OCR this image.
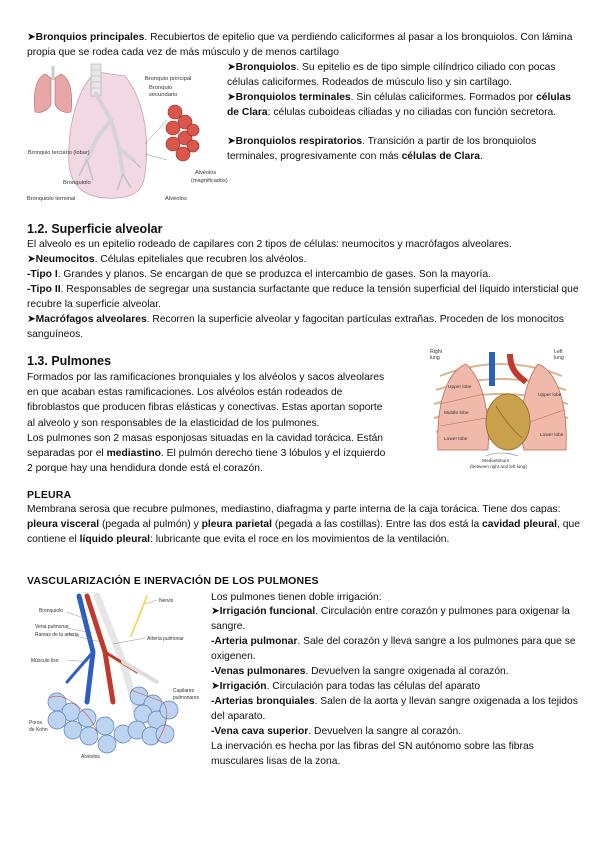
➤Bronquios principales. Recubiertos de epitelio que va perdiendo caliciformes al pasar a los bronquiolos. Con lámina propia que se rodea cada vez de más músculo y de menos cartílago

Bronquio principal
Bronquio
secundario
Bronquio terciario (lobar)
Bronquiolo
Bronquiolo terminal
Alvéolos
(magnificados)
Alvéolos

➤Bronquiolos. Su epitelio es de tipo simple cilíndrico ciliado con pocas células caliciformes. Rodeados de músculo liso y sin cartílago.

➤Bronquiolos terminales. Sin células caliciformes. Formados por células de Clara: células cuboideas ciliadas y no ciliadas con función secretora.

➤Bronquiolos respiratorios. Transición a partir de los bronquiolos terminales, progresivamente con más células de Clara.

1.2. Superficie alveolar

El alveolo es un epitelio rodeado de capilares con 2 tipos de células: neumocitos y macrófagos alveolares.

➤Neumocitos. Células epiteliales que recubren los alvéolos.

-Tipo I. Grandes y planos. Se encargan de que se produzca el intercambio de gases. Son la mayoría.

-Tipo II. Responsables de segregar una sustancia surfactante que reduce la tensión superficial del líquido intersticial que recubre la superficie alveolar.

➤Macrófagos alveolares. Recorren la superficie alveolar y fagocitan partículas extrañas. Proceden de los monocitos sanguíneos.

1.3. Pulmones

Formados por las ramificaciones bronquiales y los alvéolos y sacos alveolares en que acaban estas ramificaciones. Los alvéolos están rodeados de fibroblastos que producen fibras elásticas y conectivas. Estas aportan soporte al alveolo y son responsables de la elasticidad de los pulmones.

Los pulmones son 2 masas esponjosas situadas en la cavidad torácica. Están separadas por el mediastino. El pulmón derecho tiene 3 lóbulos y el izquierdo 2 porque hay una hendidura donde está el corazón.

Right
lung
Left
lung
Upper lobe
Middle lobe
Lower lobe
Upper lobe
Lower lobe
Mediastinum
(between right and left lung)
PLEURA

Membrana serosa que recubre pulmones, mediastino, diafragma y parte interna de la caja torácica. Tiene dos capas: pleura visceral (pegada al pulmón) y pleura parietal (pegada a las costillas). Entre las dos está la cavidad pleural, que contiene el líquido pleural: lubricante que evita el roce en los movimientos de la ventilación.

VASCULARIZACIÓN E INERVACIÓN DE LOS PULMONES
Nervio
Bronquiolo
Vena pulmonar
Ramas de la arteria
Arteria pulmonar
Músculo liso
Capilares
pulmonares
Poros
de Kohn
Alvéolos

Los pulmones tienen doble irrigación:

➤Irrigación funcional. Circulación entre corazón y pulmones para oxigenar la sangre.

-Arteria pulmonar. Sale del corazón y lleva sangre a los pulmones para que se oxigenen.

-Venas pulmonares. Devuelven la sangre oxigenada al corazón.

➤Irrigación. Circulación para todas las células del aparato

-Arterias bronquiales. Salen de la aorta y llevan sangre oxigenada a los tejidos del aparato.

-Vena cava superior. Devuelven la sangre al corazón.

La inervación es hecha por las fibras del SN autónomo sobre las fibras musculares lisas de la zona.
